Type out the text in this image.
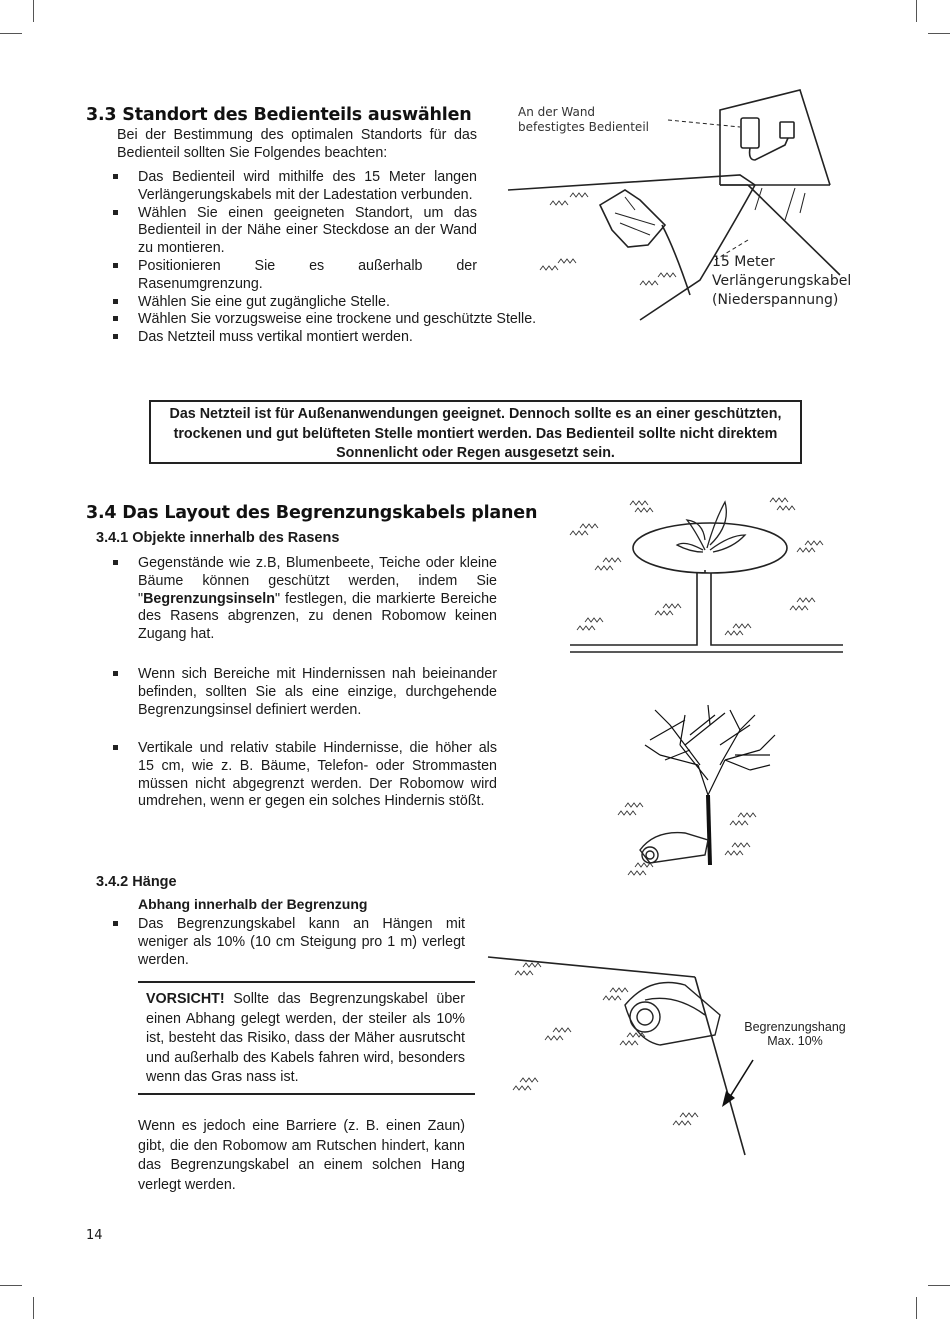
3.3 Standort des Bedienteils auswählen
Bei der Bestimmung des optimalen Standorts für das Bedienteil sollten Sie Folgendes beachten:
Das Bedienteil wird mithilfe des 15 Meter langen Verlängerungskabels mit der Ladestation verbunden.
Wählen Sie einen geeigneten Standort, um das Bedienteil in der Nähe einer Steckdose an der Wand zu montieren.
Positionieren Sie es außerhalb der Rasenumgrenzung.
Wählen Sie eine gut zugängliche Stelle.
Wählen Sie vorzugsweise eine trockene und geschützte Stelle.
Das Netzteil muss vertikal montiert werden.
An der Wand befestigtes Bedienteil
15 Meter
Verlängerungskabel
(Niederspannung)
Das Netzteil ist für Außenanwendungen geeignet. Dennoch sollte es an einer geschützten, trockenen und gut belüfteten Stelle montiert werden. Das Bedienteil sollte nicht direktem Sonnenlicht oder Regen ausgesetzt sein.
3.4 Das Layout des Begrenzungskabels planen
3.4.1 Objekte innerhalb des Rasens
Gegenstände wie z.B, Blumenbeete, Teiche oder kleine Bäume können geschützt werden, indem Sie "Begrenzungsinseln" festlegen, die markierte Bereiche des Rasens abgrenzen, zu denen Robomow keinen Zugang hat.
Wenn sich Bereiche mit Hindernissen nah beieinander befinden, sollten Sie als eine einzige, durchgehende Begrenzungsinsel definiert werden.
Vertikale und relativ stabile Hindernisse, die höher als 15 cm, wie z. B. Bäume, Telefon- oder Strommasten müssen nicht abgegrenzt werden. Der Robomow wird umdrehen, wenn er gegen ein solches Hindernis stößt.
3.4.2 Hänge
Abhang innerhalb der Begrenzung
Das Begrenzungskabel kann an Hängen mit weniger als 10% (10 cm Steigung pro 1 m) verlegt werden.
VORSICHT! Sollte das Begrenzungskabel über einen Abhang gelegt werden, der steiler als 10% ist, besteht das Risiko, dass der Mäher ausrutscht und außerhalb des Kabels fahren wird, besonders wenn das Gras nass ist.
Wenn es jedoch eine Barriere (z. B. einen Zaun) gibt, die den Robomow am Rutschen hindert, kann das Begrenzungskabel an einem solchen Hang verlegt werden.
Begrenzungshang
Max. 10%
14
